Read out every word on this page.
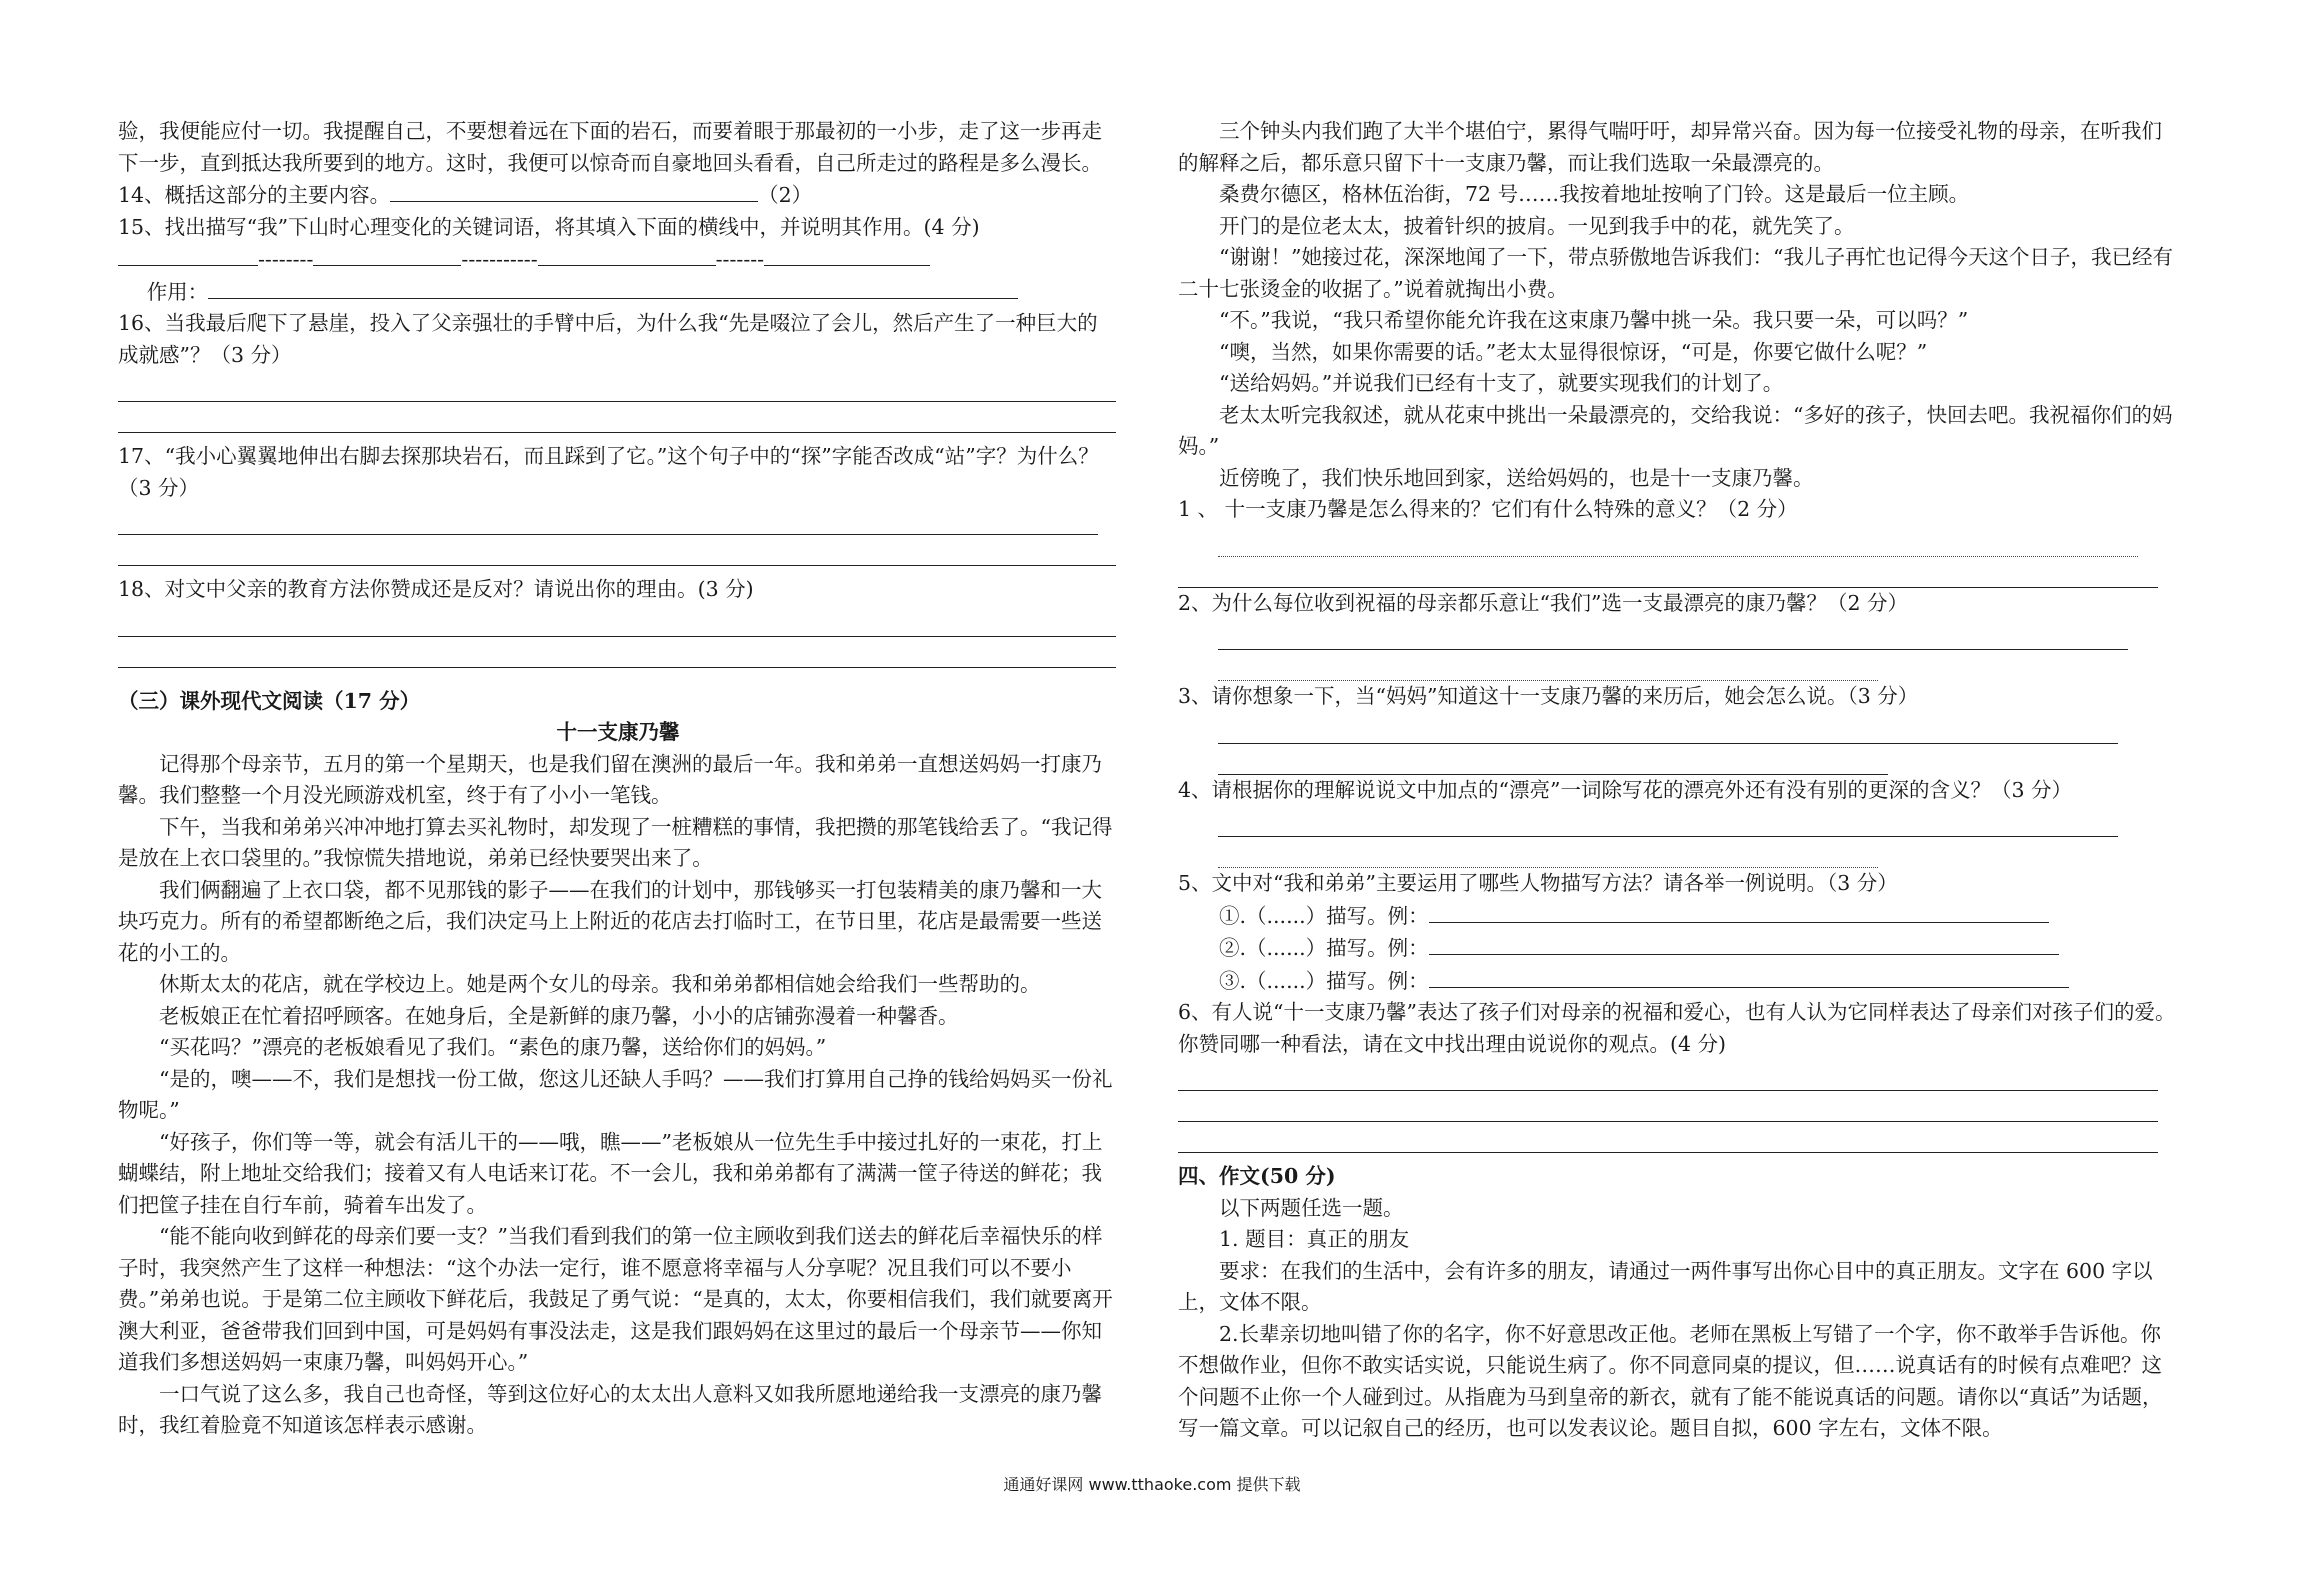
验，我便能应付一切。我提醒自己，不要想着远在下面的岩石，而要着眼于那最初的一小步，走了这一步再走下一步，直到抵达我所要到的地方。这时，我便可以惊奇而自豪地回头看看，自己所走过的路程是多么漫长。

14、概括这部分的主要内容。	（2）

15、找出描写“我”下山时心理变化的关键词语，将其填入下面的横线中，并说明其作用。(4 分)

--------	-----------	-------

作用：

16、当我最后爬下了悬崖，投入了父亲强壮的手臂中后，为什么我“先是啜泣了会儿，然后产生了一种巨大的成就感”？（3 分）

17、“我小心翼翼地伸出右脚去探那块岩石，而且踩到了它。”这个句子中的“探”字能否改成“站”字？为什么？（3 分）

18、对文中父亲的教育方法你赞成还是反对？请说出你的理由。(3 分)

（三）课外现代文阅读（17 分）

十一支康乃馨

记得那个母亲节，五月的第一个星期天，也是我们留在澳洲的最后一年。我和弟弟一直想送妈妈一打康乃馨。我们整整一个月没光顾游戏机室，终于有了小小一笔钱。

下午，当我和弟弟兴冲冲地打算去买礼物时，却发现了一桩糟糕的事情，我把攒的那笔钱给丢了。“我记得是放在上衣口袋里的。”我惊慌失措地说，弟弟已经快要哭出来了。

我们俩翻遍了上衣口袋，都不见那钱的影子——在我们的计划中，那钱够买一打包装精美的康乃馨和一大块巧克力。所有的希望都断绝之后，我们决定马上上附近的花店去打临时工，在节日里，花店是最需要一些送花的小工的。

休斯太太的花店，就在学校边上。她是两个女儿的母亲。我和弟弟都相信她会给我们一些帮助的。

老板娘正在忙着招呼顾客。在她身后，全是新鲜的康乃馨，小小的店铺弥漫着一种馨香。

“买花吗？”漂亮的老板娘看见了我们。“素色的康乃馨，送给你们的妈妈。”

“是的，噢——不，我们是想找一份工做，您这儿还缺人手吗？——我们打算用自己挣的钱给妈妈买一份礼物呢。”

“好孩子，你们等一等，就会有活儿干的——哦，瞧——”老板娘从一位先生手中接过扎好的一束花，打上蝴蝶结，附上地址交给我们；接着又有人电话来订花。不一会儿，我和弟弟都有了满满一筐子待送的鲜花；我们把筐子挂在自行车前，骑着车出发了。

“能不能向收到鲜花的母亲们要一支？”当我们看到我们的第一位主顾收到我们送去的鲜花后幸福快乐的样子时，我突然产生了这样一种想法：“这个办法一定行，谁不愿意将幸福与人分享呢？况且我们可以不要小费。”弟弟也说。于是第二位主顾收下鲜花后，我鼓足了勇气说：“是真的，太太，你要相信我们，我们就要离开澳大利亚，爸爸带我们回到中国，可是妈妈有事没法走，这是我们跟妈妈在这里过的最后一个母亲节——你知道我们多想送妈妈一束康乃馨，叫妈妈开心。”

一口气说了这么多，我自己也奇怪，等到这位好心的太太出人意料又如我所愿地递给我一支漂亮的康乃馨时，我红着脸竟不知道该怎样表示感谢。

三个钟头内我们跑了大半个堪伯宁，累得气喘吁吁，却异常兴奋。因为每一位接受礼物的母亲，在听我们的解释之后，都乐意只留下十一支康乃馨，而让我们选取一朵最漂亮的。

桑费尔德区，格林伍治街，72 号……我按着地址按响了门铃。这是最后一位主顾。

开门的是位老太太，披着针织的披肩。一见到我手中的花，就先笑了。

“谢谢！”她接过花，深深地闻了一下，带点骄傲地告诉我们：“我儿子再忙也记得今天这个日子，我已经有二十七张烫金的收据了。”说着就掏出小费。

“不。”我说，“我只希望你能允许我在这束康乃馨中挑一朵。我只要一朵，可以吗？”

“噢，当然，如果你需要的话。”老太太显得很惊讶，“可是，你要它做什么呢？”

“送给妈妈。”并说我们已经有十支了，就要实现我们的计划了。

老太太听完我叙述，就从花束中挑出一朵最漂亮的，交给我说：“多好的孩子，快回去吧。我祝福你们的妈妈。”

近傍晚了，我们快乐地回到家，送给妈妈的，也是十一支康乃馨。

1 、 十一支康乃馨是怎么得来的？它们有什么特殊的意义？（2 分）

2、为什么每位收到祝福的母亲都乐意让“我们”选一支最漂亮的康乃馨？（2 分）

3、请你想象一下，当“妈妈”知道这十一支康乃馨的来历后，她会怎么说。（3 分）

4、请根据你的理解说说文中加点的“漂亮”一词除写花的漂亮外还有没有别的更深的含义？（3 分）

5、文中对“我和弟弟”主要运用了哪些人物描写方法？请各举一例说明。（3 分）

①.（......）描写。例：

②.（......）描写。例：

③.（......）描写。例：

6、有人说“十一支康乃馨”表达了孩子们对母亲的祝福和爱心，也有人认为它同样表达了母亲们对孩子们的爱。你赞同哪一种看法，请在文中找出理由说说你的观点。(4 分)

四、作文(50 分)

以下两题任选一题。

1. 题目：真正的朋友

要求：在我们的生活中，会有许多的朋友，请通过一两件事写出你心目中的真正朋友。文字在 600 字以上，文体不限。

2.长辈亲切地叫错了你的名字，你不好意思改正他。老师在黑板上写错了一个字，你不敢举手告诉他。你不想做作业，但你不敢实话实说，只能说生病了。你不同意同桌的提议，但……说真话有的时候有点难吧？这个问题不止你一个人碰到过。从指鹿为马到皇帝的新衣，就有了能不能说真话的问题。请你以“真话”为话题，写一篇文章。可以记叙自己的经历，也可以发表议论。题目自拟，600 字左右，文体不限。

通通好课网 www.tthaoke.com 提供下载
